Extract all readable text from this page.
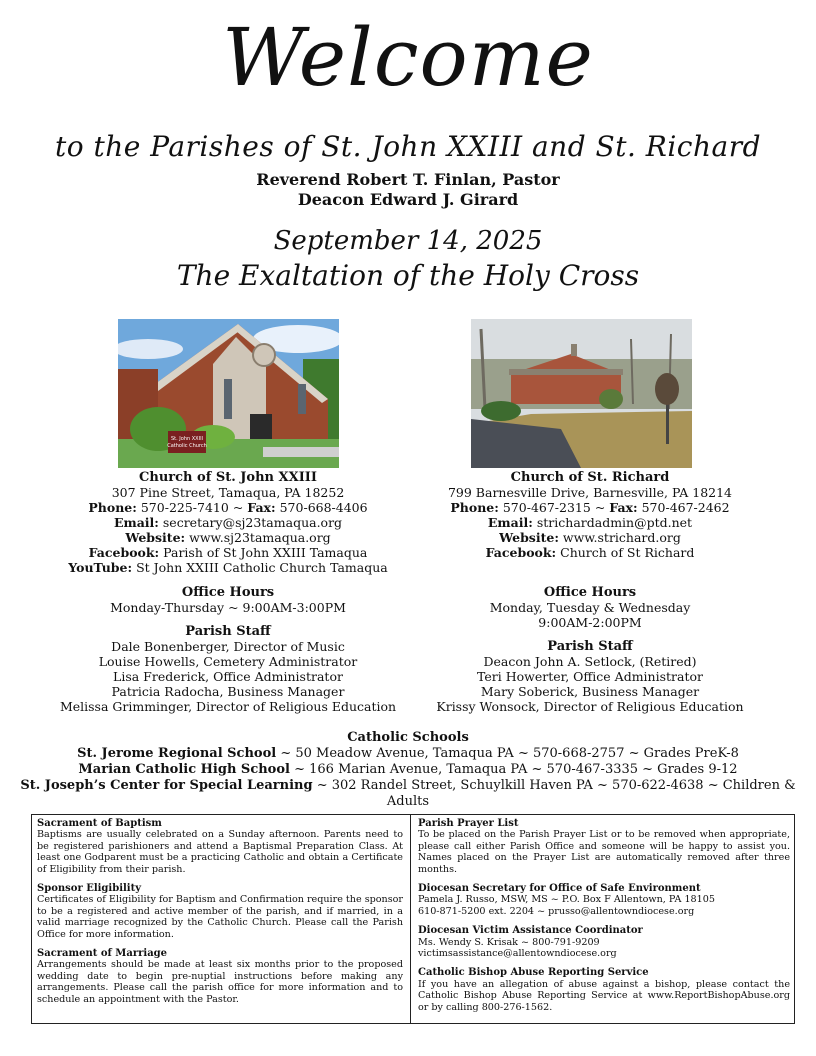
Welcome
to the Parishes of St. John XXIII and St. Richard
Reverend Robert T. Finlan, Pastor
Deacon Edward J. Girard
September 14, 2025
The Exaltation of the Holy Cross
St. John XXIII
Catholic Church
Church of St. John XXIII
307 Pine Street, Tamaqua, PA 18252
Phone: 570-225-7410 ~ Fax: 570-668-4406
Email: secretary@sj23tamaqua.org
Website: www.sj23tamaqua.org
Facebook: Parish of St John XXIII Tamaqua
YouTube: St John XXIII Catholic Church Tamaqua
Office Hours
Monday-Thursday ~ 9:00AM-3:00PM
Parish Staff
Dale Bonenberger, Director of Music
Louise Howells, Cemetery Administrator
Lisa Frederick, Office Administrator
Patricia Radocha, Business Manager
Melissa Grimminger, Director of Religious Education
Church of St. Richard
799 Barnesville Drive, Barnesville, PA 18214
Phone: 570-467-2315 ~ Fax: 570-467-2462
Email: strichardadmin@ptd.net
Website: www.strichard.org
Facebook: Church of St Richard
Office Hours
Monday, Tuesday & Wednesday
9:00AM-2:00PM
Parish Staff
Deacon John A. Setlock, (Retired)
Teri Howerter, Office Administrator
Mary Soberick, Business Manager
Krissy Wonsock, Director of Religious Education
Catholic Schools
St. Jerome Regional School ~ 50 Meadow Avenue, Tamaqua PA ~ 570-668-2757 ~ Grades PreK-8
Marian Catholic High School ~ 166 Marian Avenue, Tamaqua PA ~ 570-467-3335 ~ Grades 9-12
St. Joseph’s Center for Special Learning ~ 302 Randel Street, Schuylkill Haven PA ~ 570-622-4638 ~ Children & Adults
Sacrament of Baptism
Baptisms are usually celebrated on a Sunday afternoon. Parents need to be registered parishioners and attend a Baptismal Preparation Class. At least one Godparent must be a practicing Catholic and obtain a Certificate of Eligibility from their parish.
Sponsor Eligibility
Certificates of Eligibility for Baptism and Confirmation require the sponsor to be a registered and active member of the parish, and if married, in a valid marriage recognized by the Catholic Church. Please call the Parish Office for more information.
Sacrament of Marriage
Arrangements should be made at least six months prior to the proposed wedding date to begin pre-nuptial instructions before making any arrangements. Please call the parish office for more information and to schedule an appointment with the Pastor.
Parish Prayer List
To be placed on the Parish Prayer List or to be removed when appropriate, please call either Parish Office and someone will be happy to assist you. Names placed on the Prayer List are automatically removed after three months.
Diocesan Secretary for Office of Safe Environment
Pamela J. Russo, MSW, MS ~ P.O. Box F Allentown, PA 18105
610-871-5200 ext. 2204 ~ prusso@allentowndiocese.org
Diocesan Victim Assistance Coordinator
Ms. Wendy S. Krisak ~ 800-791-9209
victimsassistance@allentowndiocese.org
Catholic Bishop Abuse Reporting Service
If you have an allegation of abuse against a bishop, please contact the Catholic Bishop Abuse Reporting Service at www.ReportBishopAbuse.org or by calling 800-276-1562.
